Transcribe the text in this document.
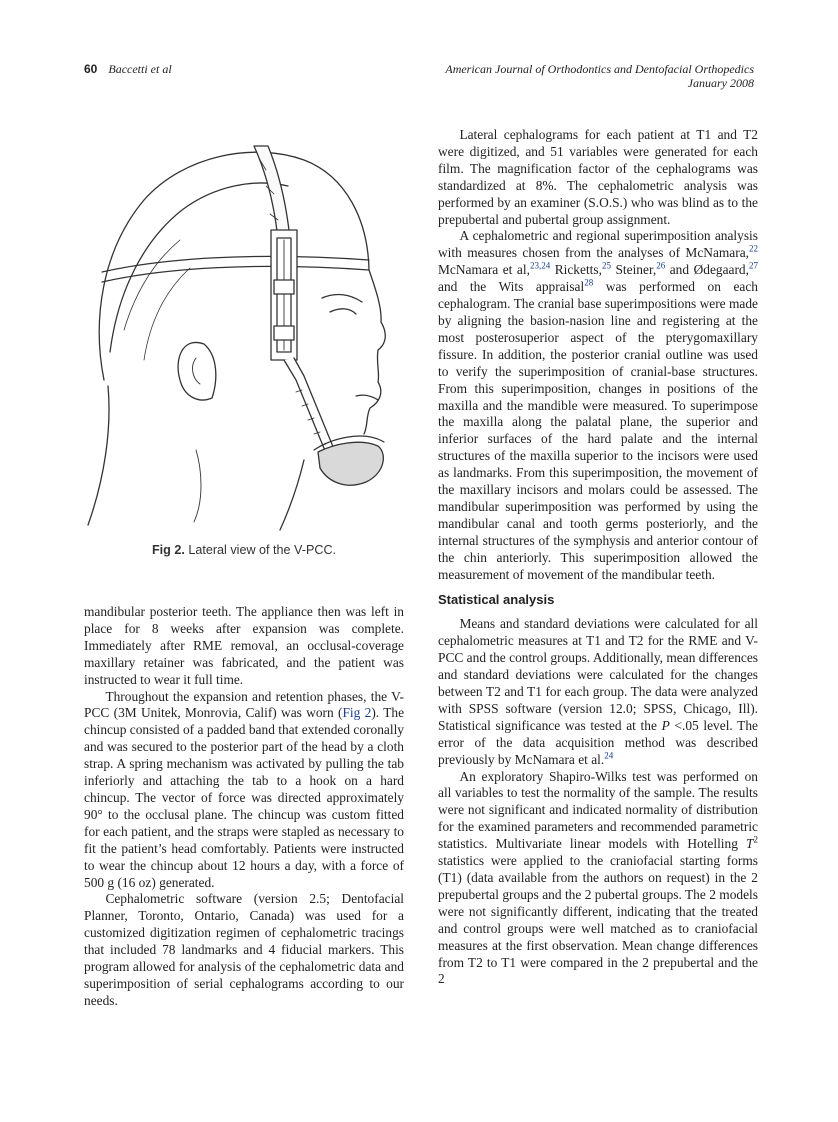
60 Baccetti et al	American Journal of Orthodontics and Dentofacial Orthopedics
January 2008
Fig 2. Lateral view of the V-PCC.

mandibular posterior teeth. The appliance then was left in place for 8 weeks after expansion was complete. Immediately after RME removal, an occlusal-coverage maxillary retainer was fabricated, and the patient was instructed to wear it full time.

Throughout the expansion and retention phases, the V-PCC (3M Unitek, Monrovia, Calif) was worn (Fig 2). The chincup consisted of a padded band that extended coronally and was secured to the posterior part of the head by a cloth strap. A spring mechanism was activated by pulling the tab inferiorly and attaching the tab to a hook on a hard chincup. The vector of force was directed approximately 90° to the occlusal plane. The chincup was custom fitted for each patient, and the straps were stapled as necessary to fit the patient’s head comfortably. Patients were instructed to wear the chincup about 12 hours a day, with a force of 500 g (16 oz) generated.

Cephalometric software (version 2.5; Dentofacial Planner, Toronto, Ontario, Canada) was used for a customized digitization regimen of cephalometric tracings that included 78 landmarks and 4 fiducial markers. This program allowed for analysis of the cephalometric data and superimposition of serial cephalograms according to our needs.

Lateral cephalograms for each patient at T1 and T2 were digitized, and 51 variables were generated for each film. The magnification factor of the cephalograms was standardized at 8%. The cephalometric analysis was performed by an examiner (S.O.S.) who was blind as to the prepubertal and pubertal group assignment.

A cephalometric and regional superimposition analysis with measures chosen from the analyses of McNamara,$^{22}$ McNamara et al,$^{23,24}$ Ricketts,$^{25}$ Steiner,$^{26}$ and Ødegaard,$^{27}$ and the Wits appraisal$^{28}$ was performed on each cephalogram. The cranial base superimpositions were made by aligning the basion-nasion line and registering at the most posterosuperior aspect of the pterygomaxillary fissure. In addition, the posterior cranial outline was used to verify the superimposition of cranial-base structures. From this superimposition, changes in positions of the maxilla and the mandible were measured. To superimpose the maxilla along the palatal plane, the superior and inferior surfaces of the hard palate and the internal structures of the maxilla superior to the incisors were used as landmarks. From this superimposition, the movement of the maxillary incisors and molars could be assessed. The mandibular superimposition was performed by using the mandibular canal and tooth germs posteriorly, and the internal structures of the symphysis and anterior contour of the chin anteriorly. This superimposition allowed the measurement of movement of the mandibular teeth.

Statistical analysis

Means and standard deviations were calculated for all cephalometric measures at T1 and T2 for the RME and V-PCC and the control groups. Additionally, mean differences and standard deviations were calculated for the changes between T2 and T1 for each group. The data were analyzed with SPSS software (version 12.0; SPSS, Chicago, Ill). Statistical significance was tested at the P <.05 level. The error of the data acquisition method was described previously by McNamara et al.$^{24}$

An exploratory Shapiro-Wilks test was performed on all variables to test the normality of the sample. The results were not significant and indicated normality of distribution for the examined parameters and recommended parametric statistics. Multivariate linear models with Hotelling $T^2$ statistics were applied to the craniofacial starting forms (T1) (data available from the authors on request) in the 2 prepubertal groups and the 2 pubertal groups. The 2 models were not significantly different, indicating that the treated and control groups were well matched as to craniofacial measures at the first observation. Mean change differences from T2 to T1 were compared in the 2 prepubertal and the 2
